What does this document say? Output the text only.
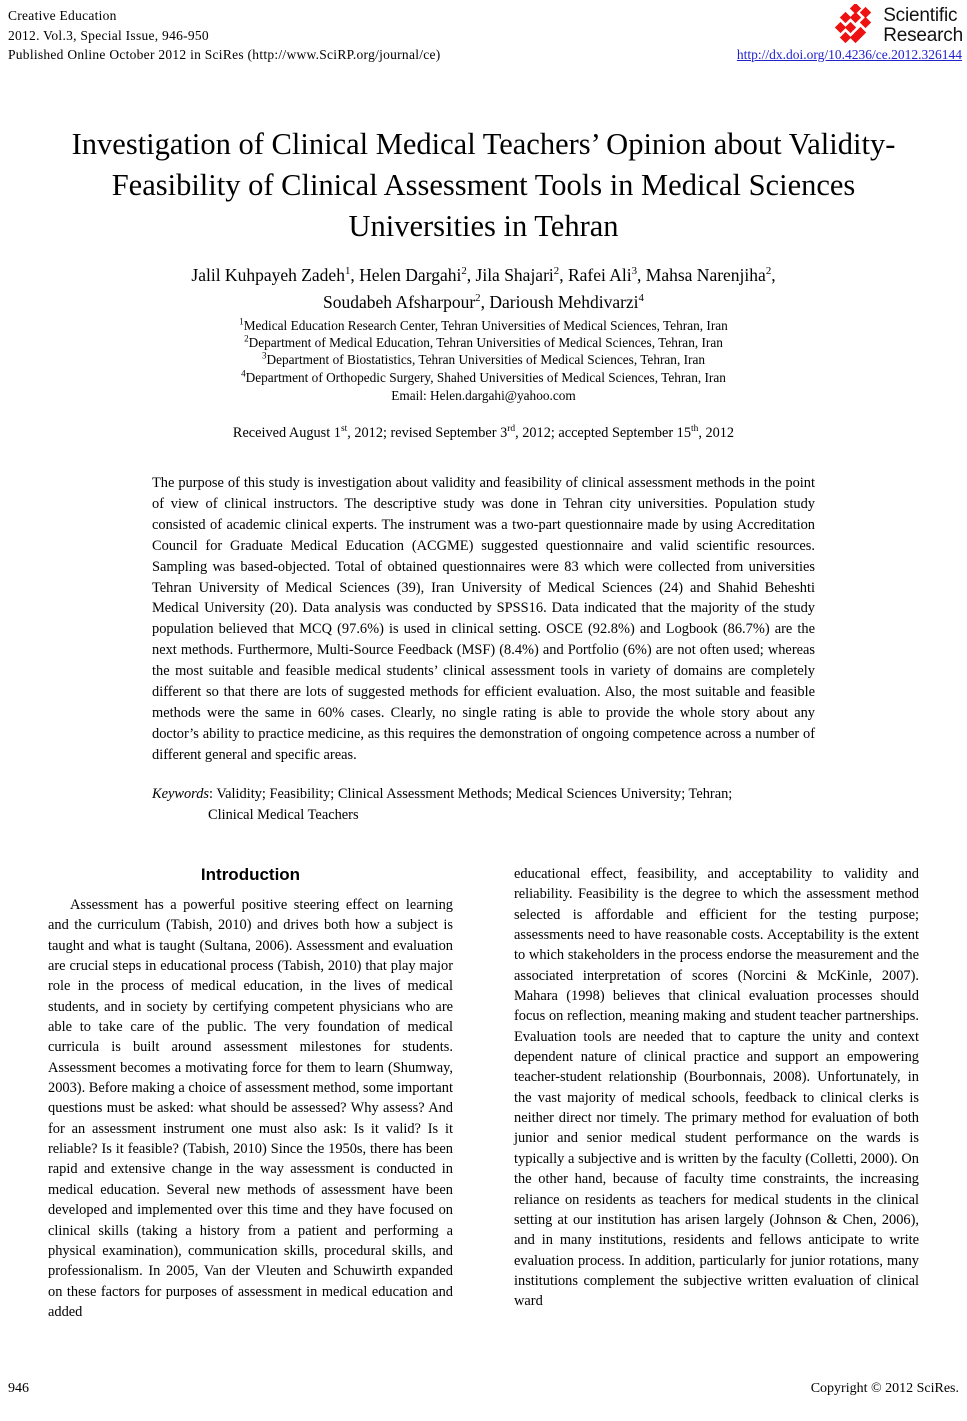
Creative Education
2012. Vol.3, Special Issue, 946-950
Published Online October 2012 in SciRes (http://www.SciRP.org/journal/ce)	http://dx.doi.org/10.4236/ce.2012.326144
Scientific
Research
Investigation of Clinical Medical Teachers’ Opinion about Validity-Feasibility of Clinical Assessment Tools in Medical Sciences Universities in Tehran
Jalil Kuhpayeh Zadeh$^1$, Helen Dargahi$^2$, Jila Shajari$^2$, Rafei Ali$^3$, Mahsa Narenjiha$^2$,
Soudabeh Afsharpour$^2$, Darioush Mehdivarzi$^4$
$^1$Medical Education Research Center, Tehran Universities of Medical Sciences, Tehran, Iran
$^2$Department of Medical Education, Tehran Universities of Medical Sciences, Tehran, Iran
$^3$Department of Biostatistics, Tehran Universities of Medical Sciences, Tehran, Iran
$^4$Department of Orthopedic Surgery, Shahed Universities of Medical Sciences, Tehran, Iran
Email: Helen.dargahi@yahoo.com
Received August 1st, 2012; revised September 3rd, 2012; accepted September 15th, 2012
The purpose of this study is investigation about validity and feasibility of clinical assessment methods in the point of view of clinical instructors. The descriptive study was done in Tehran city universities. Population study consisted of academic clinical experts. The instrument was a two-part questionnaire made by using Accreditation Council for Graduate Medical Education (ACGME) suggested questionnaire and valid scientific resources. Sampling was based-objected. Total of obtained questionnaires were 83 which were collected from universities Tehran University of Medical Sciences (39), Iran University of Medical Sciences (24) and Shahid Beheshti Medical University (20). Data analysis was conducted by SPSS16. Data indicated that the majority of the study population believed that MCQ (97.6%) is used in clinical setting. OSCE (92.8%) and Logbook (86.7%) are the next methods. Furthermore, Multi-Source Feedback (MSF) (8.4%) and Portfolio (6%) are not often used; whereas the most suitable and feasible medical students’ clinical assessment tools in variety of domains are completely different so that there are lots of suggested methods for efficient evaluation. Also, the most suitable and feasible methods were the same in 60% cases. Clearly, no single rating is able to provide the whole story about any doctor’s ability to practice medicine, as this requires the demonstration of ongoing competence across a number of different general and specific areas.
Keywords: Validity; Feasibility; Clinical Assessment Methods; Medical Sciences University; Tehran;
Clinical Medical Teachers
Introduction

Assessment has a powerful positive steering effect on learning and the curriculum (Tabish, 2010) and drives both how a subject is taught and what is taught (Sultana, 2006). Assessment and evaluation are crucial steps in educational process (Tabish, 2010) that play major role in the process of medical education, in the lives of medical students, and in society by certifying competent physicians who are able to take care of the public. The very foundation of medical curricula is built around assessment milestones for students. Assessment becomes a motivating force for them to learn (Shumway, 2003). Before making a choice of assessment method, some important questions must be asked: what should be assessed? Why assess? And for an assessment instrument one must also ask: Is it valid? Is it reliable? Is it feasible? (Tabish, 2010) Since the 1950s, there has been rapid and extensive change in the way assessment is conducted in medical education. Several new methods of assessment have been developed and implemented over this time and they have focused on clinical skills (taking a history from a patient and performing a physical examination), communication skills, procedural skills, and professionalism. In 2005, Van der Vleuten and Schuwirth expanded on these factors for purposes of assessment in medical education and added

educational effect, feasibility, and acceptability to validity and reliability. Feasibility is the degree to which the assessment method selected is affordable and efficient for the testing purpose; assessments need to have reasonable costs. Acceptability is the extent to which stakeholders in the process endorse the measurement and the associated interpretation of scores (Norcini & McKinle, 2007). Mahara (1998) believes that clinical evaluation processes should focus on reflection, meaning making and student teacher partnerships. Evaluation tools are needed that to capture the unity and context dependent nature of clinical practice and support an empowering teacher-student relationship (Bourbonnais, 2008). Unfortunately, in the vast majority of medical schools, feedback to clinical clerks is neither direct nor timely. The primary method for evaluation of both junior and senior medical student performance on the wards is typically a subjective and is written by the faculty (Colletti, 2000). On the other hand, because of faculty time constraints, the increasing reliance on residents as teachers for medical students in the clinical setting at our institution has arisen largely (Johnson & Chen, 2006), and in many institutions, residents and fellows anticipate to write evaluation process. In addition, particularly for junior rotations, many institutions complement the subjective written evaluation of clinical ward

946	Copyright © 2012 SciRes.
